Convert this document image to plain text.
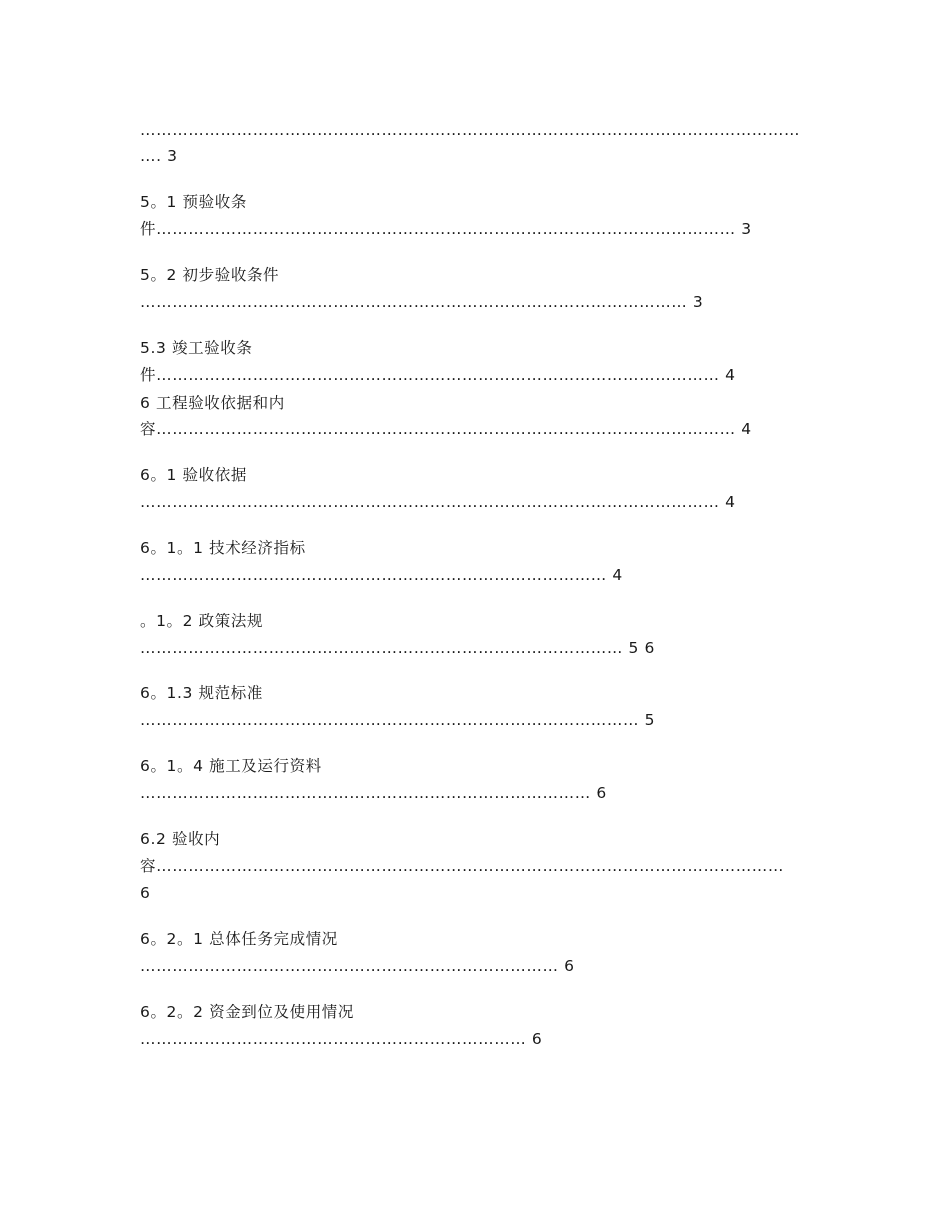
……………………………………………………………………………………………………………
…. 3
5。1 预验收条
件……………………………………………………………………………………………… 3
5。2 初步验收条件
………………………………………………………………………………………… 3
5.3 竣工验收条
件…………………………………………………………………………………………… 4
6 工程验收依据和内
容……………………………………………………………………………………………… 4
6。1 验收依据
……………………………………………………………………………………………… 4
6。1。1 技术经济指标
…………………………………………………………………………… 4
。1。2 政策法规
……………………………………………………………………………… 5 6
6。1.3 规范标准
………………………………………………………………………………… 5
6。1。4 施工及运行资料
………………………………………………………………………… 6
6.2 验收内
容………………………………………………………………………………………………………
6
6。2。1 总体任务完成情况
…………………………………………………………………… 6
6。2。2 资金到位及使用情况
……………………………………………………………… 6
